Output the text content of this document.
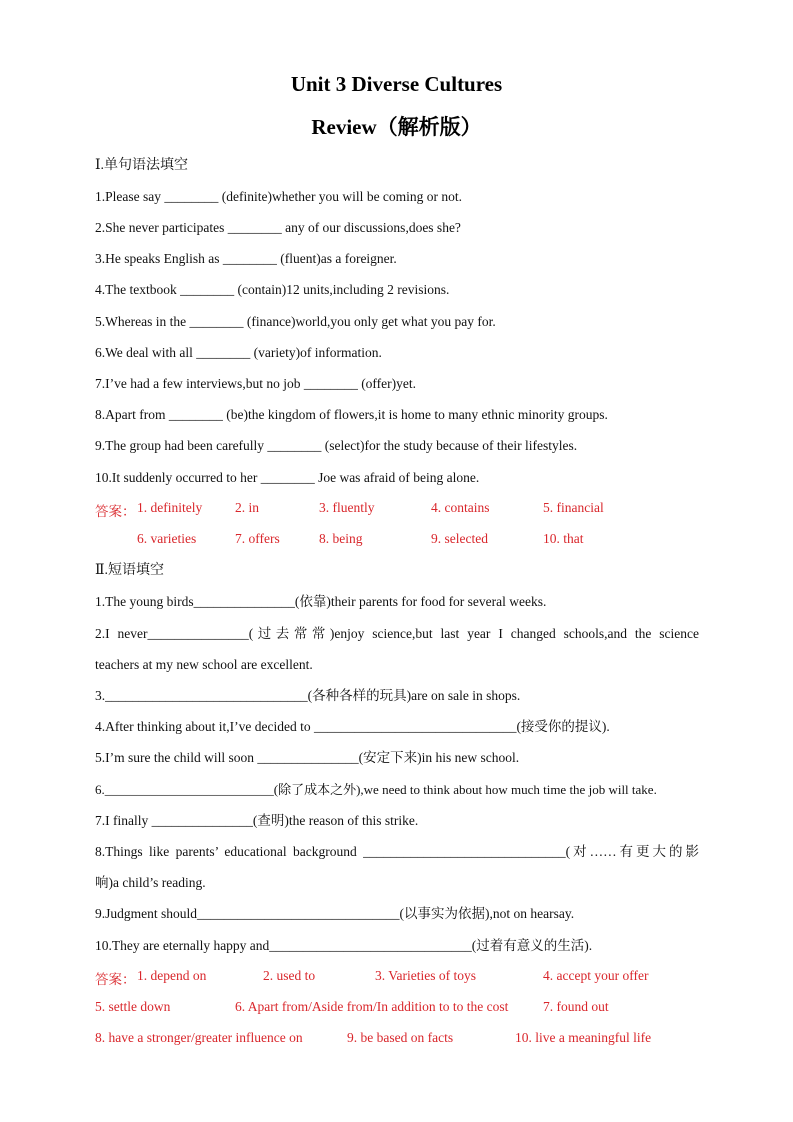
Unit 3 Diverse Cultures
Review（解析版）
Ⅰ.单句语法填空
1.Please say ________ (definite)whether you will be coming or not.
2.She never participates ________ any of our discussions,does she?
3.He speaks English as ________ (fluent)as a foreigner.
4.The textbook ________ (contain)12 units,including 2 revisions.
5.Whereas in the ________ (finance)world,you only get what you pay for.
6.We deal with all ________ (variety)of information.
7.I’ve had a few interviews,but no job ________ (offer)yet.
8.Apart from ________ (be)the kingdom of flowers,it is home to many ethnic minority groups.
9.The group had been carefully ________ (select)for the study because of their lifestyles.
10.It suddenly occurred to her ________ Joe was afraid of being alone.
答案： 1. definitely 2. in	3. fluently	4. contains	5. financial
6. varieties	7. offers	8. being	9. selected	10. that
Ⅱ.短语填空
1.The young birds_______________(依靠)their parents for food for several weeks.
2.I never_______________(过去常常)enjoy science,but last year I changed schools,and the science
teachers at my new school are excellent.
3.______________________________(各种各样的玩具)are on sale in shops.
4.After thinking about it,I’ve decided to ______________________________(接受你的提议).
5.I’m sure the child will soon _______________(安定下来)in his new school.
6.__________________________(除了成本之外),we need to think about how much time the job will take.
7.I finally _______________(查明)the reason of this strike.
8.Things like parents’ educational background ______________________________(对……有更大的影
响)a child’s reading.
9.Judgment should______________________________(以事实为依据),not on hearsay.
10.They are eternally happy and______________________________(过着有意义的生活).
答案： 1. depend on	2. used to	3. Varieties of toys	4. accept your offer
5. settle down	6. Apart from/Aside from/In addition to to the cost	7. found out
8. have a stronger/greater influence on	9. be based on facts	10. live a meaningful life
